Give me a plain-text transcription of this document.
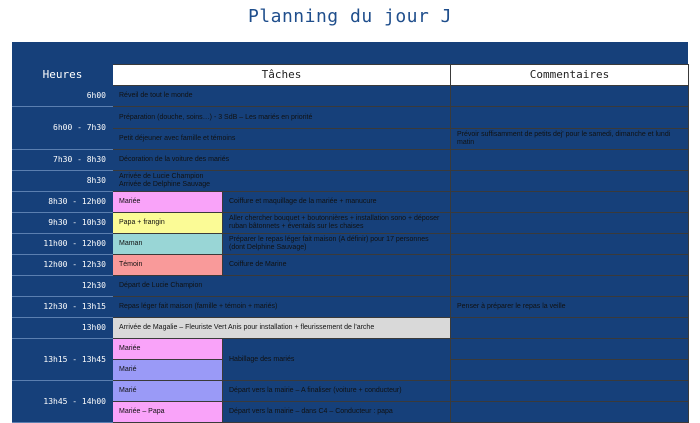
Planning du jour J
Heures	Tâches		Commentaires
6h00	Réveil de tout le monde		
6h00 - 7h30	Préparation (douche, soins…) - 3 SdB – Les mariés en priorité		
	Petit déjeuner avec famille et témoins		Prévoir suffisamment de petits dej' pour le samedi, dimanche et lundi matin
7h30 - 8h30	Décoration de la voiture des mariés		
8h30	Arrivée de Lucie Champion
Arrivée de Delphine Sauvage		

8h30 - 12h00	Mariée	Coiffure et maquillage de la mariée + manucure	
9h30 - 10h30	Papa + frangin	Aller chercher bouquet + boutonnières + installation sono + déposer ruban bâtonnets + éventails sur les chaises	
11h00 - 12h00	Maman	Préparer le repas léger fait maison (A définir) pour 17 personnes (dont Delphine Sauvage)	
12h00 - 12h30	Témoin	Coiffure de Marine	
12h30	Départ de Lucie Champion		
12h30 - 13h15	Repas léger fait maison (famille + témoin + mariés)		Penser à préparer le repas la veille
13h00	Arrivée de Magalie – Fleuriste Vert Anis pour installation + fleurissement de l'arche		
13h15 - 13h45	Mariée	Habillage des mariés	
	Marié		
13h45 - 14h00	Marié	Départ vers la mairie – A finaliser (voiture + conducteur)	
	Mariée – Papa	Départ vers la mairie – dans C4 – Conducteur : papa	
